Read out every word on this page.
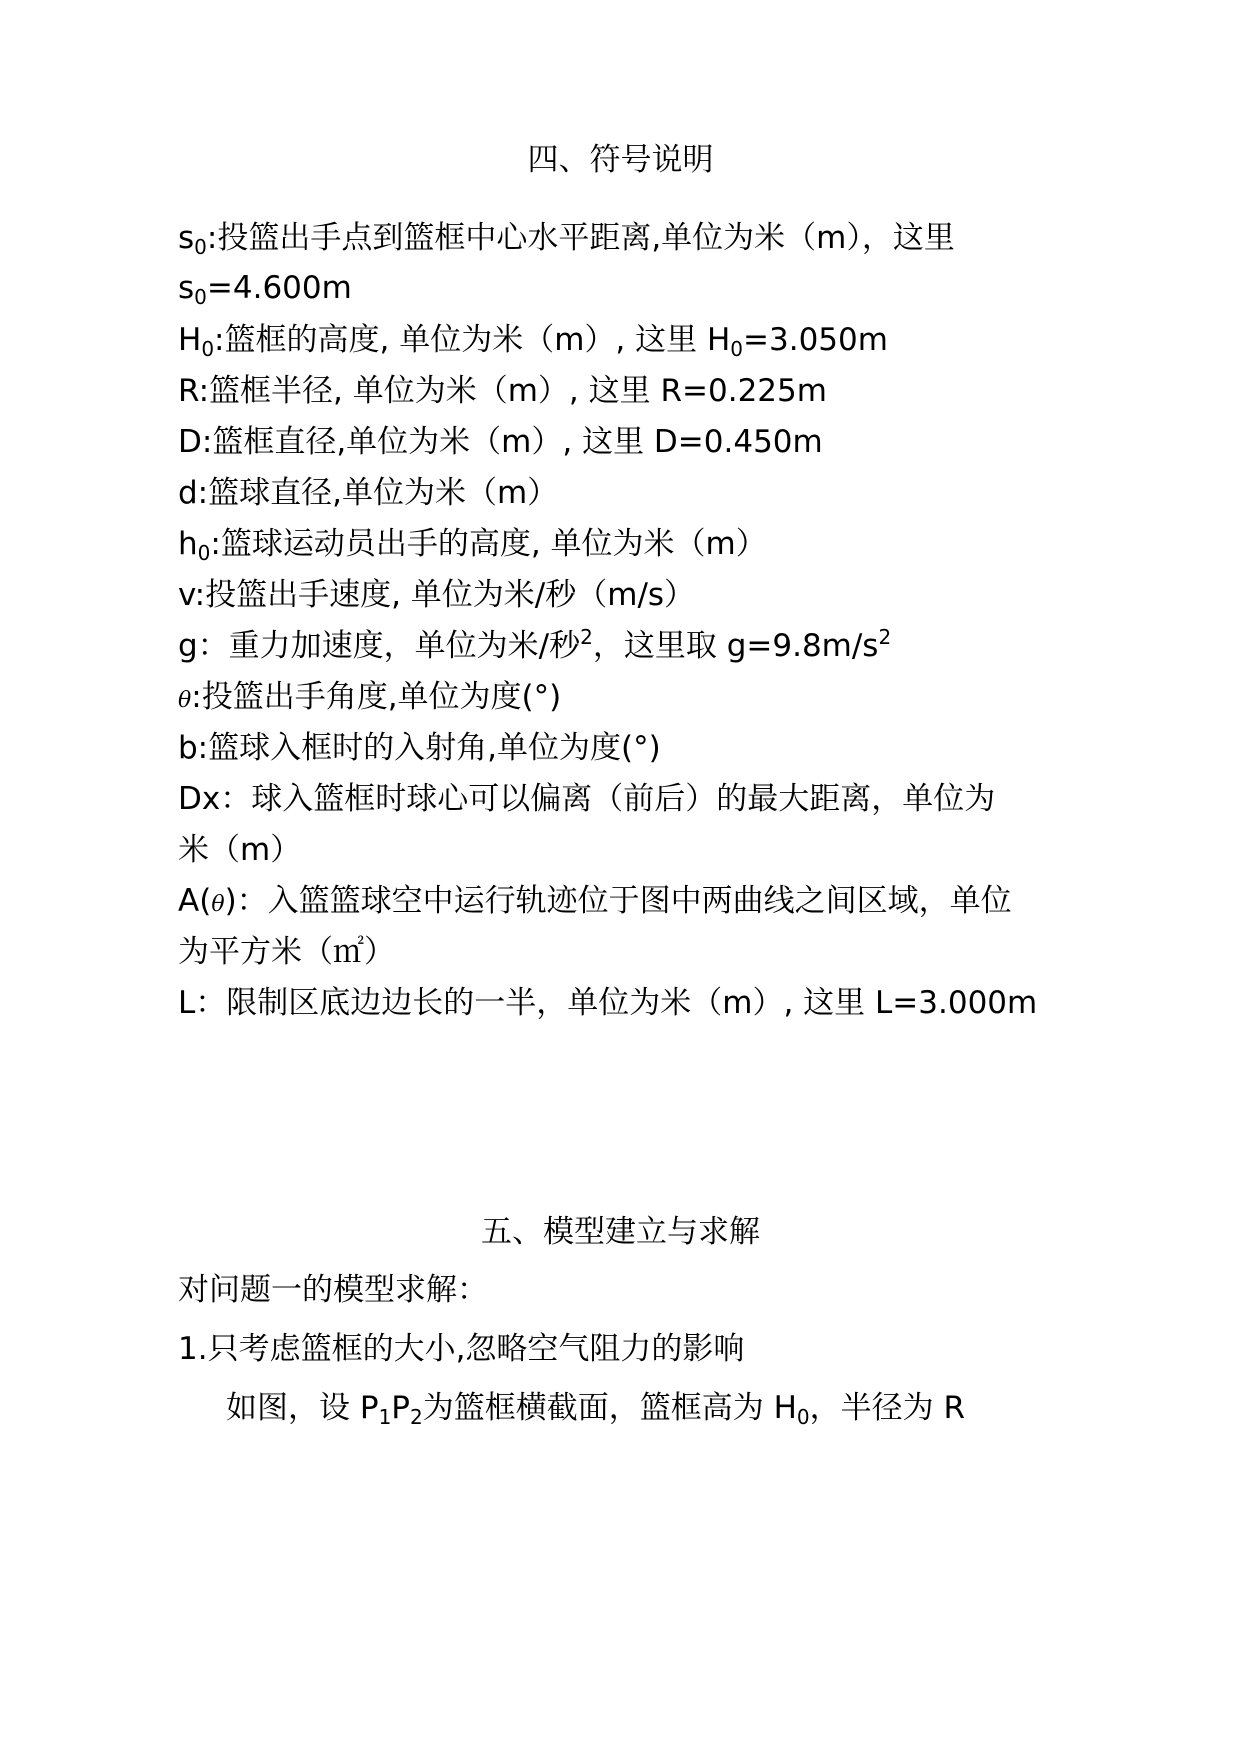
四、符号说明
$s_0$:投篮出手点到篮框中心水平距离,单位为米（m），这里
$s_0=4.600m$
$H_0$:篮框的高度, 单位为米（m）, 这里 $H_0=3.050m$
R:篮框半径, 单位为米（m）, 这里 R=0.225m
D:篮框直径,单位为米（m）, 这里 D=0.450m
d:篮球直径,单位为米（m）
$h_0$:篮球运动员出手的高度, 单位为米（m）
v:投篮出手速度, 单位为米/秒（m/s）
g：重力加速度，单位为米/秒$^2$，这里取 $g=9.8m/s^2$
θ:投篮出手角度,单位为度(°)
b:篮球入框时的入射角,单位为度(°)
Dx：球入篮框时球心可以偏离（前后）的最大距离，单位为
米（m）
A(θ)：入篮篮球空中运行轨迹位于图中两曲线之间区域，单位
为平方米（㎡）
L：限制区底边边长的一半，单位为米（m）, 这里 L=3.000m
五、模型建立与求解
对问题一的模型求解：
1.只考虑篮框的大小,忽略空气阻力的影响
如图，设 $P_1P_2$为篮框横截面，篮框高为 $H_0$，半径为 R
